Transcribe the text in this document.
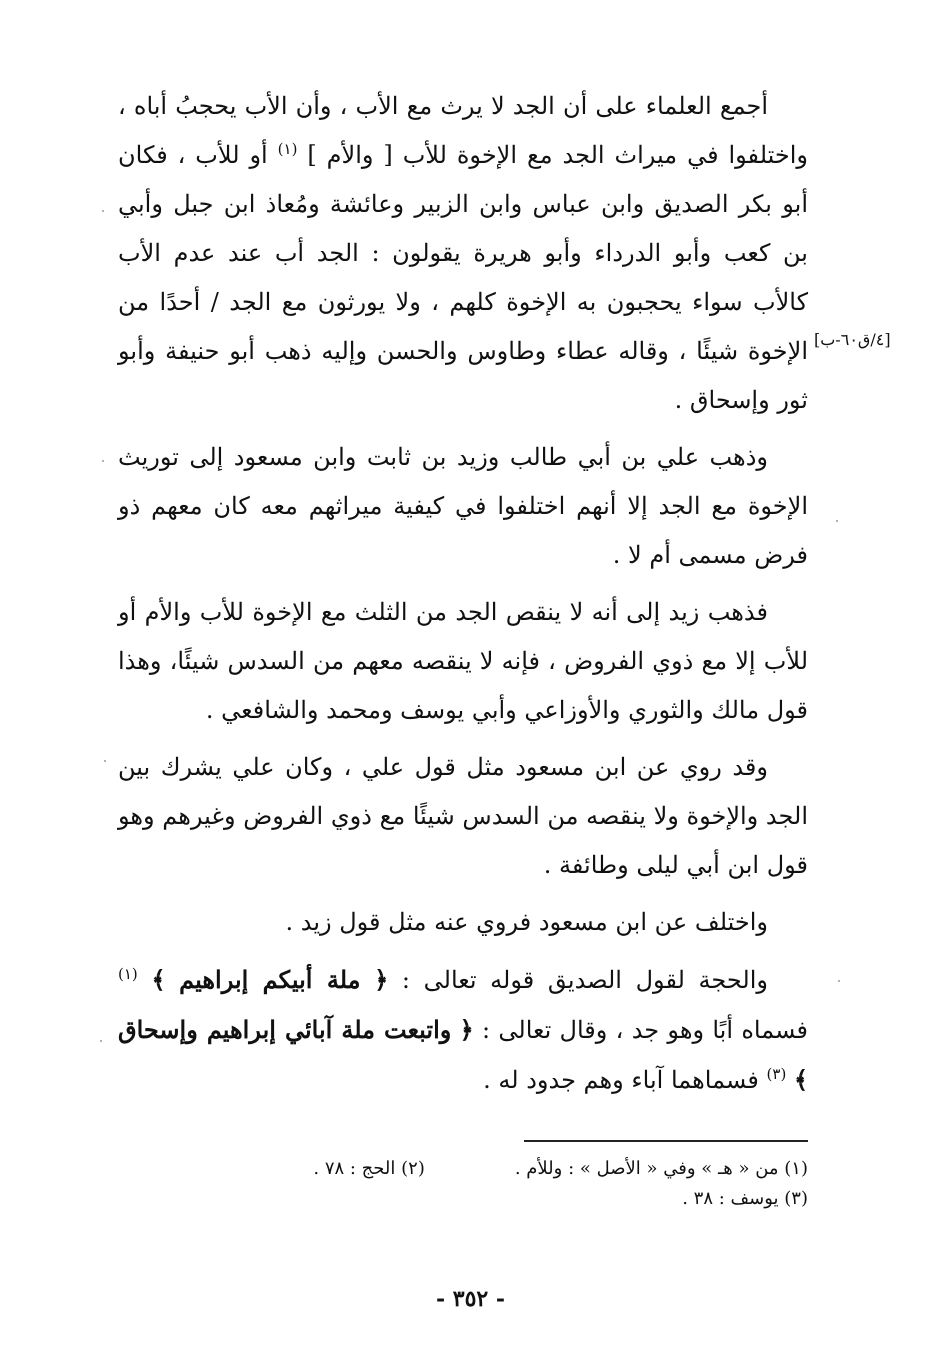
[٤/ق٦٠-ب]

أجمع العلماء على أن الجد لا يرث مع الأب ، وأن الأب يحجبُ أباه ، واختلفوا في ميراث الجد مع الإخوة للأب [ والأم ] $^{(١)}$ أو للأب ، فكان أبو بكر الصديق وابن عباس وابن الزبير وعائشة ومُعاذ ابن جبل وأبي بن كعب وأبو الدرداء وأبو هريرة يقولون : الجد أب عند عدم الأب كالأب سواء يحجبون به الإخوة كلهم ، ولا يورثون مع الجد / أحدًا من الإخوة شيئًا ، وقاله عطاء وطاوس والحسن وإليه ذهب أبو حنيفة وأبو ثور وإسحاق .

وذهب علي بن أبي طالب وزيد بن ثابت وابن مسعود إلى توريث الإخوة مع الجد إلا أنهم اختلفوا في كيفية ميراثهم معه كان معهم ذو فرض مسمى أم لا .

فذهب زيد إلى أنه لا ينقص الجد من الثلث مع الإخوة للأب والأم أو للأب إلا مع ذوي الفروض ، فإنه لا ينقصه معهم من السدس شيئًا، وهذا قول مالك والثوري والأوزاعي وأبي يوسف ومحمد والشافعي .

وقد روي عن ابن مسعود مثل قول علي ، وكان علي يشرك بين الجد والإخوة ولا ينقصه من السدس شيئًا مع ذوي الفروض وغيرهم وهو قول ابن أبي ليلى وطائفة .

واختلف عن ابن مسعود فروي عنه مثل قول زيد .

والحجة لقول الصديق قوله تعالى : ﴿ ملة أبيكم إبراهيم ﴾ $^{(١)}$ فسماه أبًا وهو جد ، وقال تعالى : ﴿ واتبعت ملة آبائي إبراهيم وإسحاق ﴾ $^{(٣)}$ فسماهما آباء وهم جدود له .

(١) من « هـ » وفي « الأصل » : وللأم .
(٢) الحج : ٧٨ .
(٣) يوسف : ٣٨ .
- ٣٥٢ -
